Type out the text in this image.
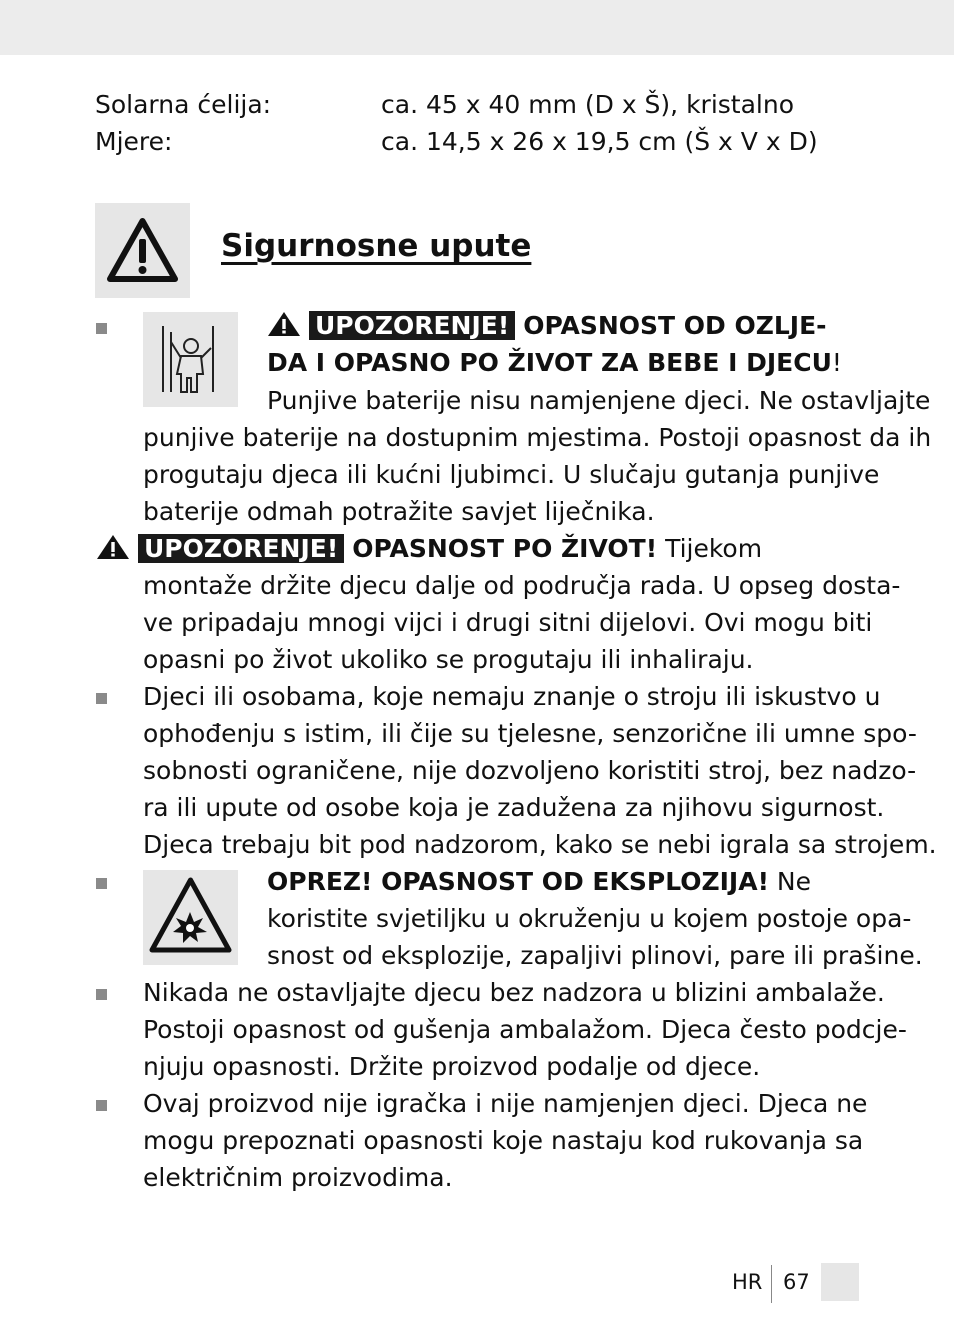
Solarna ćelija:	ca. 45 x 40 mm (D x Š), kristalno
Mjere:	ca. 14,5 x 26 x 19,5 cm (Š x V x D)
Sigurnosne upute
UPOZORENJE! OPASNOST OD OZLJE-
DA I OPASNO PO ŽIVOT ZA BEBE I DJECU!
Punjive baterije nisu namjenjene djeci. Ne ostavljajte
punjive baterije na dostupnim mjestima. Postoji opasnost da ih
progutaju djeca ili kućni ljubimci. U slučaju gutanja punjive
baterije odmah potražite savjet liječnika.
UPOZORENJE! OPASNOST PO ŽIVOT! Tijekom
montaže držite djecu dalje od područja rada. U opseg dosta-
ve pripadaju mnogi vijci i drugi sitni dijelovi. Ovi mogu biti
opasni po život ukoliko se progutaju ili inhaliraju.
Djeci ili osobama, koje nemaju znanje o stroju ili iskustvo u
ophođenju s istim, ili čije su tjelesne, senzorične ili umne spo-
sobnosti ograničene, nije dozvoljeno koristiti stroj, bez nadzo-
ra ili upute od osobe koja je zadužena za njihovu sigurnost.
Djeca trebaju bit pod nadzorom, kako se nebi igrala sa strojem.
OPREZ! OPASNOST OD EKSPLOZIJA! Ne
koristite svjetiljku u okruženju u kojem postoje opa-
snost od eksplozije, zapaljivi plinovi, pare ili prašine.
Nikada ne ostavljajte djecu bez nadzora u blizini ambalaže.
Postoji opasnost od gušenja ambalažom. Djeca često podcje-
njuju opasnosti. Držite proizvod podalje od djece.
Ovaj proizvod nije igračka i nije namjenjen djeci. Djeca ne
mogu prepoznati opasnosti koje nastaju kod rukovanja sa
električnim proizvodima.
HR 67
